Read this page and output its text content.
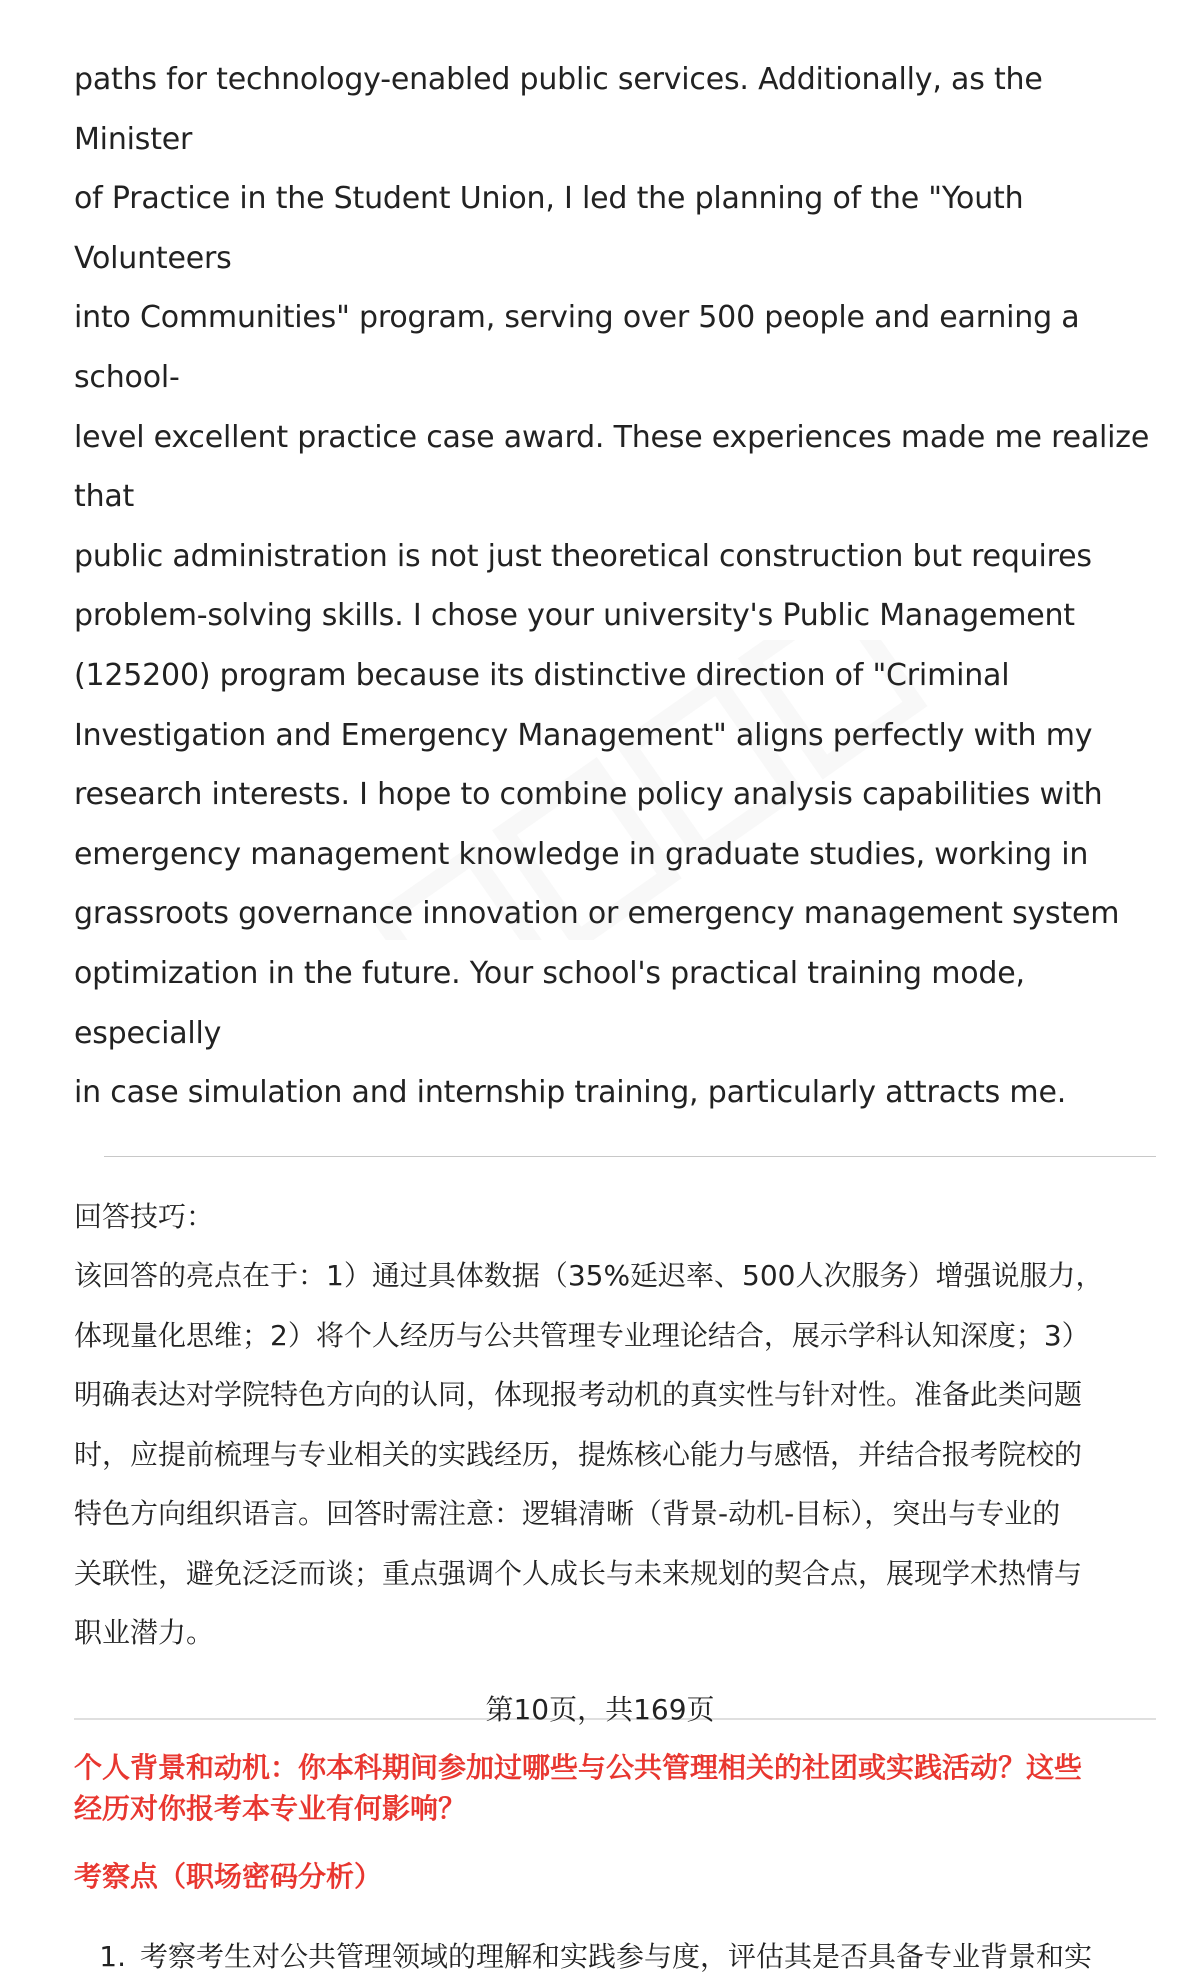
paths for technology-enabled public services. Additionally, as the Minister
of Practice in the Student Union, I led the planning of the "Youth Volunteers
into Communities" program, serving over 500 people and earning a school-
level excellent practice case award. These experiences made me realize that
public administration is not just theoretical construction but requires
problem-solving skills. I chose your university's Public Management
(125200) program because its distinctive direction of "Criminal
Investigation and Emergency Management" aligns perfectly with my
research interests. I hope to combine policy analysis capabilities with
emergency management knowledge in graduate studies, working in
grassroots governance innovation or emergency management system
optimization in the future. Your school's practical training mode, especially
in case simulation and internship training, particularly attracts me.

回答技巧：

该回答的亮点在于：1）通过具体数据（35%延迟率、500人次服务）增强说服力，
体现量化思维；2）将个人经历与公共管理专业理论结合，展示学科认知深度；3）
明确表达对学院特色方向的认同，体现报考动机的真实性与针对性。准备此类问题
时，应提前梳理与专业相关的实践经历，提炼核心能力与感悟，并结合报考院校的
特色方向组织语言。回答时需注意：逻辑清晰（背景-动机-目标），突出与专业的
关联性，避免泛泛而谈；重点强调个人成长与未来规划的契合点，展现学术热情与
职业潜力。
个人背景和动机：你本科期间参加过哪些与公共管理相关的社团或实践活动？这些
经历对你报考本专业有何影响？
考察点（职场密码分析）
1. 考察考生对公共管理领域的理解和实践参与度，评估其是否具备专业背景和实
第10页，共169页
